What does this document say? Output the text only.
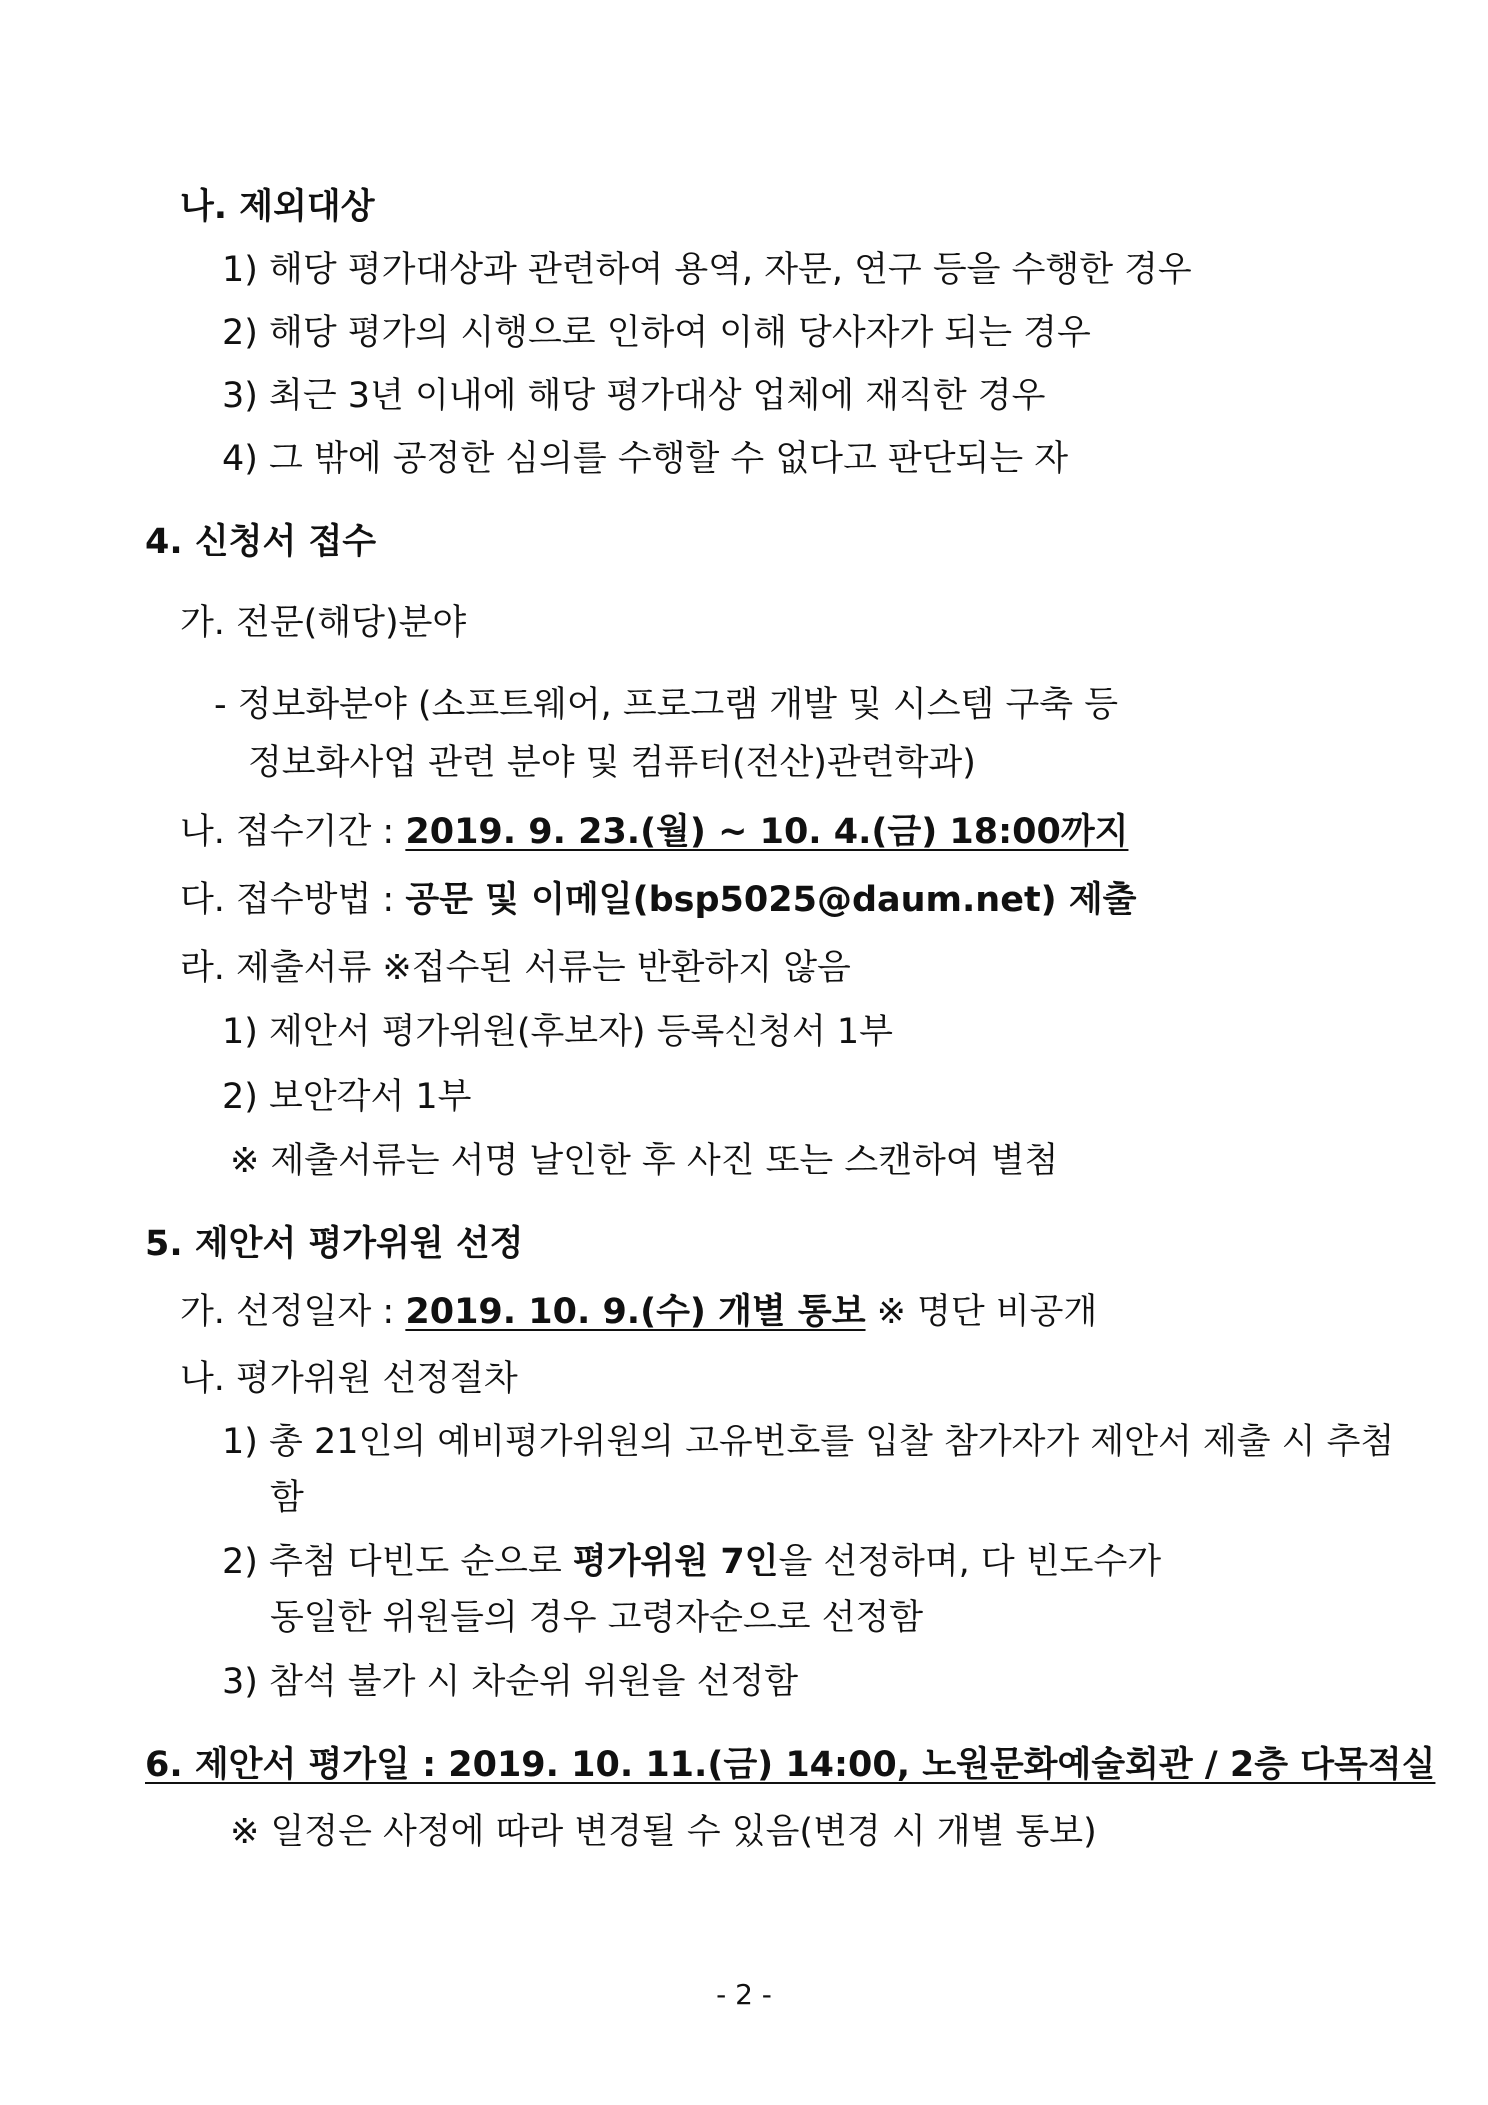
나. 제외대상
1) 해당 평가대상과 관련하여 용역, 자문, 연구 등을 수행한 경우
2) 해당 평가의 시행으로 인하여 이해 당사자가 되는 경우
3) 최근 3년 이내에 해당 평가대상 업체에 재직한 경우
4) 그 밖에 공정한 심의를 수행할 수 없다고 판단되는 자
4. 신청서 접수
가. 전문(해당)분야
- 정보화분야 (소프트웨어, 프로그램 개발 및 시스템 구축 등
정보화사업 관련 분야 및 컴퓨터(전산)관련학과)
나. 접수기간 : 2019. 9. 23.(월) ~ 10. 4.(금) 18:00까지
다. 접수방법 : 공문 및 이메일(bsp5025@daum.net) 제출
라. 제출서류 ※접수된 서류는 반환하지 않음
1) 제안서 평가위원(후보자) 등록신청서 1부
2) 보안각서 1부
※ 제출서류는 서명 날인한 후 사진 또는 스캔하여 별첨
5. 제안서 평가위원 선정
가. 선정일자 : 2019. 10. 9.(수) 개별 통보 ※ 명단 비공개
나. 평가위원 선정절차
1) 총 21인의 예비평가위원의 고유번호를 입찰 참가자가 제안서 제출 시 추첨
함
2) 추첨 다빈도 순으로 평가위원 7인을 선정하며, 다 빈도수가
동일한 위원들의 경우 고령자순으로 선정함
3) 참석 불가 시 차순위 위원을 선정함
6. 제안서 평가일 : 2019. 10. 11.(금) 14:00, 노원문화예술회관 / 2층 다목적실
※ 일정은 사정에 따라 변경될 수 있음(변경 시 개별 통보)
- 2 -
